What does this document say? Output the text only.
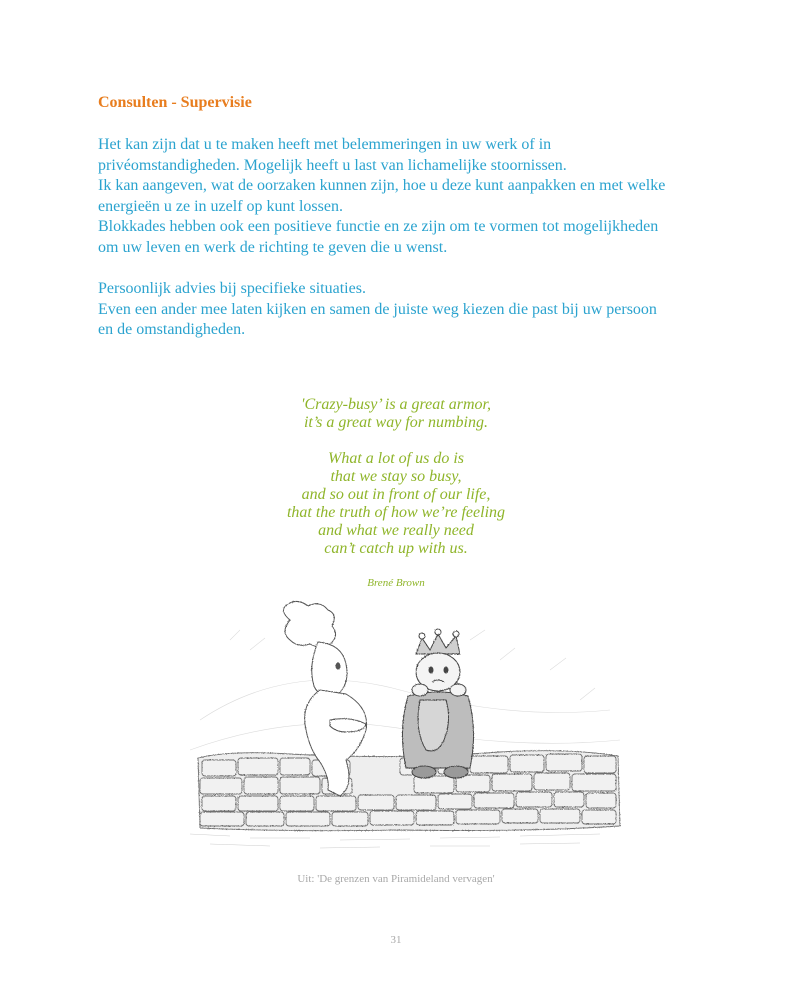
Consulten - Supervisie
Het kan zijn dat u te maken heeft met belemmeringen in uw werk of in
privéomstandigheden. Mogelijk heeft u last van lichamelijke stoornissen.
Ik kan aangeven, wat de oorzaken kunnen zijn, hoe u deze kunt aanpakken en met welke
energieën u ze in uzelf op kunt lossen.
Blokkades hebben ook een positieve functie en ze zijn om te vormen tot mogelijkheden
om uw leven en werk de richting te geven die u wenst.
Persoonlijk advies bij specifieke situaties.
Even een ander mee laten kijken en samen de juiste weg kiezen die past bij uw persoon
en de omstandigheden.
'Crazy-busy’ is a great armor,
it’s a great way for numbing.
What a lot of us do is
that we stay so busy,
and so out in front of our life,
that the truth of how we’re feeling
and what we really need
can’t catch up with us.
Brené Brown
Uit: 'De grenzen van Piramideland vervagen'
31
